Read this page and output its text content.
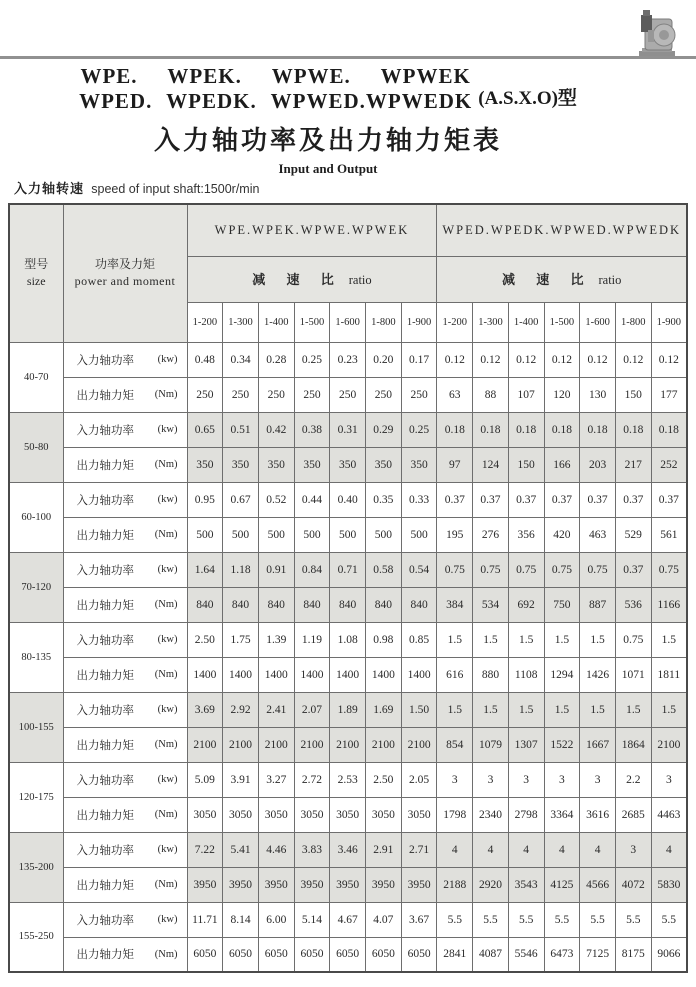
WPE. WPEK. WPWE. WPWEK
WPED. WPEDK. WPWED.WPWEDK (A.S.X.O)型
入力轴功率及出力轴力矩表
Input and Output
入力轴转速 speed of input shaft:1500r/min
型号
size	功率及力矩
power and moment	WPE.WPEK.WPWE.WPWEK							WPED.WPEDK.WPWED.WPWEDK						
		减 速 比 ratio							减 速 比 ratio						
		1-200	1-300	1-400	1-500	1-600	1-800	1-900	1-200	1-300	1-400	1-500	1-600	1-800	1-900
40-70	入力轴功率 (kw)	0.48	0.34	0.28	0.25	0.23	0.20	0.17	0.12	0.12	0.12	0.12	0.12	0.12	0.12

	出力轴力矩 (Nm)	250	250	250	250	250	250	250	63	88	107	120	130	150	177
50-80	入力轴功率 (kw)	0.65	0.51	0.42	0.38	0.31	0.29	0.25	0.18	0.18	0.18	0.18	0.18	0.18	0.18

	出力轴力矩 (Nm)	350	350	350	350	350	350	350	97	124	150	166	203	217	252
60-100	入力轴功率 (kw)	0.95	0.67	0.52	0.44	0.40	0.35	0.33	0.37	0.37	0.37	0.37	0.37	0.37	0.37

	出力轴力矩 (Nm)	500	500	500	500	500	500	500	195	276	356	420	463	529	561
70-120	入力轴功率 (kw)	1.64	1.18	0.91	0.84	0.71	0.58	0.54	0.75	0.75	0.75	0.75	0.75	0.37	0.75

	出力轴力矩 (Nm)	840	840	840	840	840	840	840	384	534	692	750	887	536	1166
80-135	入力轴功率 (kw)	2.50	1.75	1.39	1.19	1.08	0.98	0.85	1.5	1.5	1.5	1.5	1.5	0.75	1.5

	出力轴力矩 (Nm)	1400	1400	1400	1400	1400	1400	1400	616	880	1108	1294	1426	1071	1811
100-155	入力轴功率 (kw)	3.69	2.92	2.41	2.07	1.89	1.69	1.50	1.5	1.5	1.5	1.5	1.5	1.5	1.5

	出力轴力矩 (Nm)	2100	2100	2100	2100	2100	2100	2100	854	1079	1307	1522	1667	1864	2100
120-175	入力轴功率 (kw)	5.09	3.91	3.27	2.72	2.53	2.50	2.05	3	3	3	3	3	2.2	3

	出力轴力矩 (Nm)	3050	3050	3050	3050	3050	3050	3050	1798	2340	2798	3364	3616	2685	4463
135-200	入力轴功率 (kw)	7.22	5.41	4.46	3.83	3.46	2.91	2.71	4	4	4	4	4	3	4

	出力轴力矩 (Nm)	3950	3950	3950	3950	3950	3950	3950	2188	2920	3543	4125	4566	4072	5830
155-250	入力轴功率 (kw)	11.71	8.14	6.00	5.14	4.67	4.07	3.67	5.5	5.5	5.5	5.5	5.5	5.5	5.5

	出力轴力矩 (Nm)	6050	6050	6050	6050	6050	6050	6050	2841	4087	5546	6473	7125	8175	9066
